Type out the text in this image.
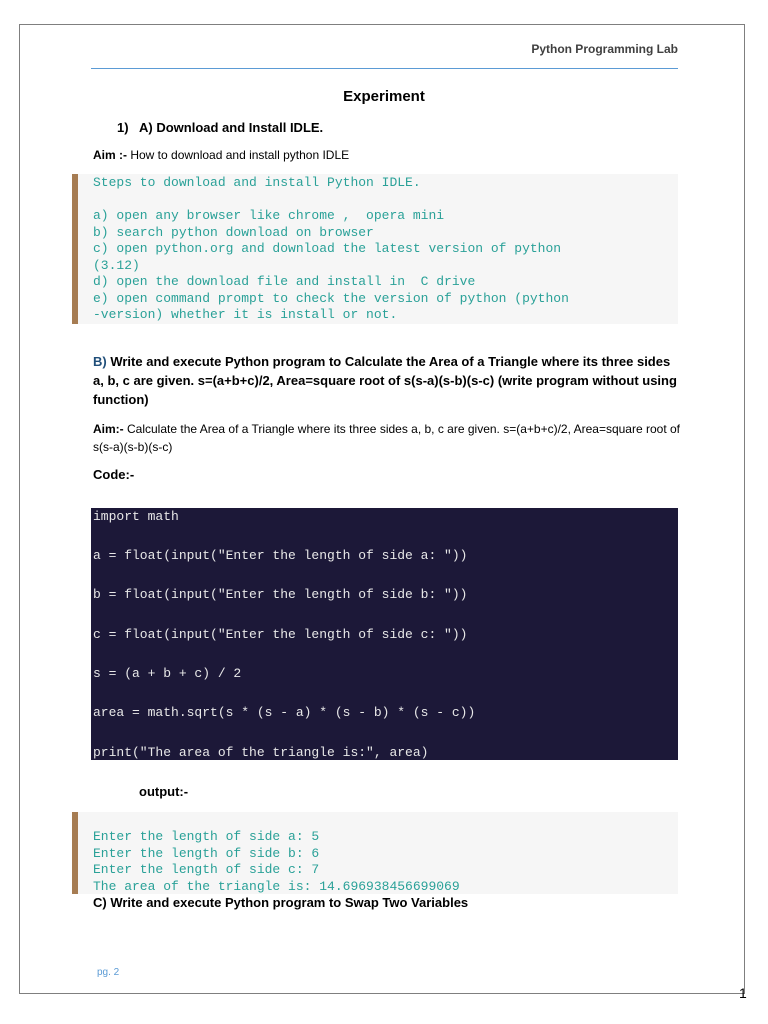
Python Programming Lab
Experiment
1) A) Download and Install IDLE.
Aim :- How to download and install python IDLE
Steps to download and install Python IDLE.
a) open any browser like chrome ,  opera mini
b) search python download on browser
c) open python.org and download the latest version of python
(3.12)
d) open the download file and install in  C drive
e) open command prompt to check the version of python (python
-version) whether it is install or not.
B) Write and execute Python program to Calculate the Area of a Triangle where its three sides a, b, c are given. s=(a+b+c)/2, Area=square root of s(s-a)(s-b)(s-c) (write program without using function)
Aim:- Calculate the Area of a Triangle where its three sides a, b, c are given. s=(a+b+c)/2, Area=square root of s(s-a)(s-b)(s-c)
Code:-
import math
a = float(input("Enter the length of side a: "))
b = float(input("Enter the length of side b: "))
c = float(input("Enter the length of side c: "))
s = (a + b + c) / 2
area = math.sqrt(s * (s - a) * (s - b) * (s - c))
print("The area of the triangle is:", area)
output:-
Enter the length of side a: 5
Enter the length of side b: 6
Enter the length of side c: 7
The area of the triangle is: 14.696938456699069
C) Write and execute Python program to Swap Two Variables
pg. 2
1
